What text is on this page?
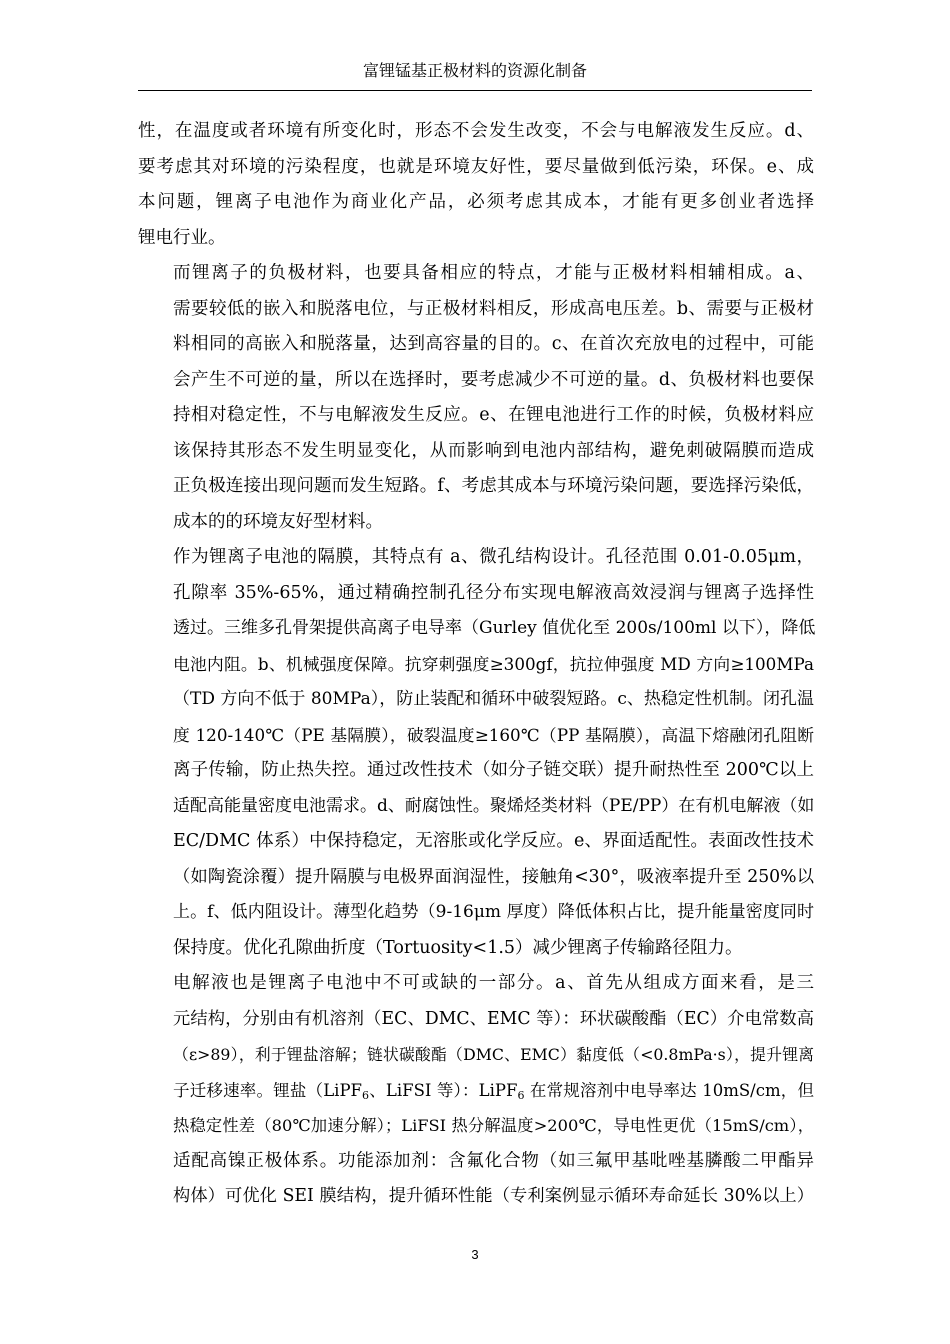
富锂锰基正极材料的资源化制备

性，在温度或者环境有所变化时，形态不会发生改变，不会与电解液发生反应。d、
要考虑其对环境的污染程度，也就是环境友好性，要尽量做到低污染，环保。e、成
本问题，锂离子电池作为商业化产品，必须考虑其成本，才能有更多创业者选择
锂电行业。

而锂离子的负极材料，也要具备相应的特点，才能与正极材料相辅相成。a、
需要较低的嵌入和脱落电位，与正极材料相反，形成高电压差。b、需要与正极材
料相同的高嵌入和脱落量，达到高容量的目的。c、在首次充放电的过程中，可能
会产生不可逆的量，所以在选择时，要考虑减少不可逆的量。d、负极材料也要保
持相对稳定性，不与电解液发生反应。e、在锂电池进行工作的时候，负极材料应
该保持其形态不发生明显变化，从而影响到电池内部结构，避免刺破隔膜而造成
正负极连接出现问题而发生短路。f、考虑其成本与环境污染问题，要选择污染低，
成本的的环境友好型材料。

作为锂离子电池的隔膜，其特点有 a、微孔结构设计。孔径范围 0.01-0.05μm，
孔隙率 35%-65%，通过精确控制孔径分布实现电解液高效浸润与锂离子选择性
透过。三维多孔骨架提供高离子电导率（Gurley 值优化至 200s/100ml 以下），降低
电池内阻。b、机械强度保障。抗穿刺强度≥300gf，抗拉伸强度 MD 方向≥100MPa
（TD 方向不低于 80MPa），防止装配和循环中破裂短路。c、热稳定性机制。闭孔温
度 120-140℃（PE 基隔膜），破裂温度≥160℃（PP 基隔膜），高温下熔融闭孔阻断
离子传输，防止热失控。通过改性技术（如分子链交联）提升耐热性至 200℃以上
适配高能量密度电池需求。d、耐腐蚀性。聚烯烃类材料（PE/PP）在有机电解液（如
EC/DMC 体系）中保持稳定，无溶胀或化学反应。e、界面适配性。表面改性技术
（如陶瓷涂覆）提升隔膜与电极界面润湿性，接触角<30°，吸液率提升至 250%以
上。f、低内阻设计。薄型化趋势（9-16μm 厚度）降低体积占比，提升能量密度同时
保持度。优化孔隙曲折度（Tortuosity<1.5）减少锂离子传输路径阻力。

电解液也是锂离子电池中不可或缺的一部分。a、首先从组成方面来看，是三
元结构，分别由有机溶剂（EC、DMC、EMC 等）：环状碳酸酯（EC）介电常数高
（ε>89），利于锂盐溶解；链状碳酸酯（DMC、EMC）黏度低（<0.8mPa·s），提升锂离
子迁移速率。锂盐（LiPF$_6$、LiFSI 等）：LiPF$_6$ 在常规溶剂中电导率达 10mS/cm，但
热稳定性差（80℃加速分解）；LiFSI 热分解温度>200℃，导电性更优（15mS/cm），
适配高镍正极体系。功能添加剂：含氟化合物（如三氟甲基吡唑基膦酸二甲酯异
构体）可优化 SEI 膜结构，提升循环性能（专利案例显示循环寿命延长 30%以上）

3
